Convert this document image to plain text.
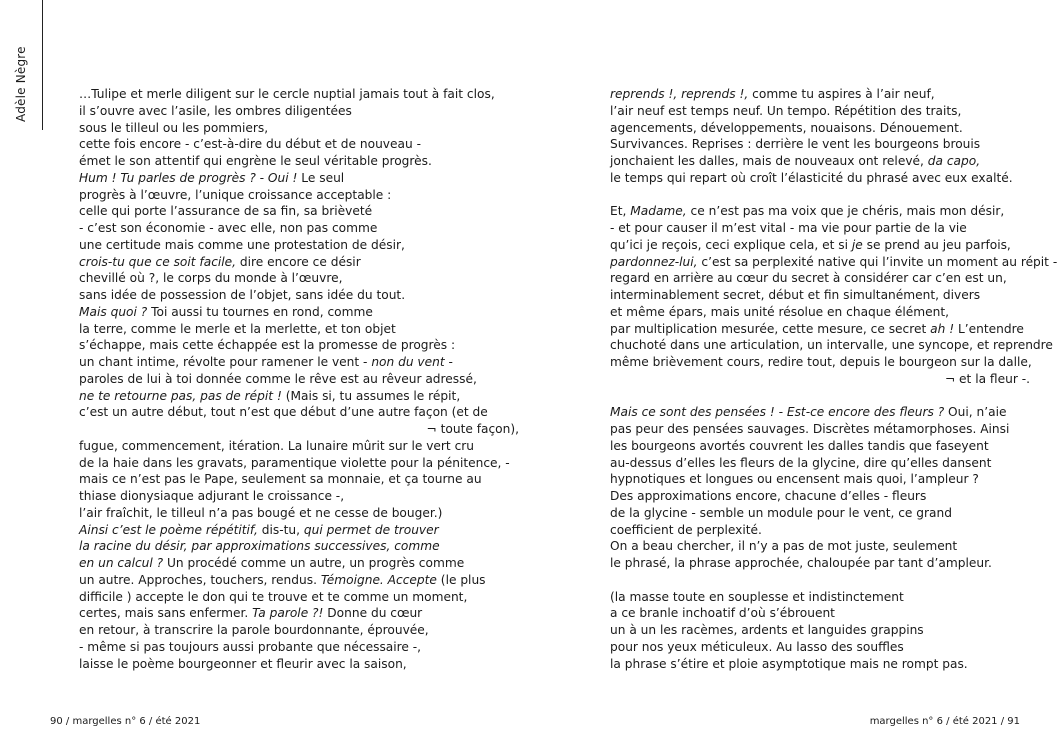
Adèle Nègre	…Tulipe et merle diligent sur le cercle nuptial jamais tout à fait clos,
il s’ouvre avec l’asile, les ombres diligentées
sous le tilleul ou les pommiers,
cette fois encore - c’est-à-dire du début et de nouveau -
émet le son attentif qui engrène le seul véritable progrès.
Hum ! Tu parles de progrès ? - Oui ! Le seul
progrès à l’œuvre, l’unique croissance acceptable :
celle qui porte l’assurance de sa fin, sa brièveté
- c’est son économie - avec elle, non pas comme
une certitude mais comme une protestation de désir,
crois-tu que ce soit facile, dire encore ce désir
chevillé où ?, le corps du monde à l’œuvre,
sans idée de possession de l’objet, sans idée du tout.
Mais quoi ? Toi aussi tu tournes en rond, comme
la terre, comme le merle et la merlette, et ton objet
s’échappe, mais cette échappée est la promesse de progrès :
un chant intime, révolte pour ramener le vent - non du vent -
paroles de lui à toi donnée comme le rêve est au rêveur adressé,
ne te retourne pas, pas de répit ! (Mais si, tu assumes le répit,
c’est un autre début, tout n’est que début d’une autre façon (et de
¬ toute façon),
fugue, commencement, itération. La lunaire mûrit sur le vert cru
de la haie dans les gravats, paramentique violette pour la pénitence, -
mais ce n’est pas le Pape, seulement sa monnaie, et ça tourne au
thiase dionysiaque adjurant le croissance -,
l’air fraîchit, le tilleul n’a pas bougé et ne cesse de bouger.)
Ainsi c’est le poème répétitif, dis-tu, qui permet de trouver
la racine du désir, par approximations successives, comme
en un calcul ? Un procédé comme un autre, un progrès comme
un autre. Approches, touchers, rendus. Témoigne. Accepte (le plus
difficile ) accepte le don qui te trouve et te comme un moment,
certes, mais sans enfermer. Ta parole ?! Donne du cœur
en retour, à transcrire la parole bourdonnante, éprouvée,
- même si pas toujours aussi probante que nécessaire -,
laisse le poème bourgeonner et fleurir avec la saison,
reprends !, reprends !, comme tu aspires à l’air neuf,
l’air neuf est temps neuf. Un tempo. Répétition des traits,
agencements, développements, nouaisons. Dénouement.
Survivances. Reprises : derrière le vent les bourgeons brouis
jonchaient les dalles, mais de nouveaux ont relevé, da capo,
le temps qui repart où croît l’élasticité du phrasé avec eux exalté.
Et, Madame, ce n’est pas ma voix que je chéris, mais mon désir,
- et pour causer il m’est vital - ma vie pour partie de la vie
qu’ici je reçois, ceci explique cela, et si je se prend au jeu parfois,
pardonnez-lui, c’est sa perplexité native qui l’invite un moment au répit -
regard en arrière au cœur du secret à considérer car c’en est un,
interminablement secret, début et fin simultanément, divers
et même épars, mais unité résolue en chaque élément,
par multiplication mesurée, cette mesure, ce secret ah ! L’entendre
chuchoté dans une articulation, un intervalle, une syncope, et reprendre
même brièvement cours, redire tout, depuis le bourgeon sur la dalle,
¬ et la fleur -.
Mais ce sont des pensées ! - Est-ce encore des fleurs ? Oui, n’aie
pas peur des pensées sauvages. Discrètes métamorphoses. Ainsi
les bourgeons avortés couvrent les dalles tandis que faseyent
au-dessus d’elles les fleurs de la glycine, dire qu’elles dansent
hypnotiques et longues ou encensent mais quoi, l’ampleur ?
Des approximations encore, chacune d’elles - fleurs
de la glycine - semble un module pour le vent, ce grand
coefficient de perplexité.
On a beau chercher, il n’y a pas de mot juste, seulement
le phrasé, la phrase approchée, chaloupée par tant d’ampleur.
(la masse toute en souplesse et indistinctement
a ce branle inchoatif d’où s’ébrouent
un à un les racèmes, ardents et languides grappins
pour nos yeux méticuleux. Au lasso des souffles
la phrase s’étire et ploie asymptotique mais ne rompt pas.
90 / margelles n° 6 / été 2021	margelles n° 6 / été 2021 / 91
